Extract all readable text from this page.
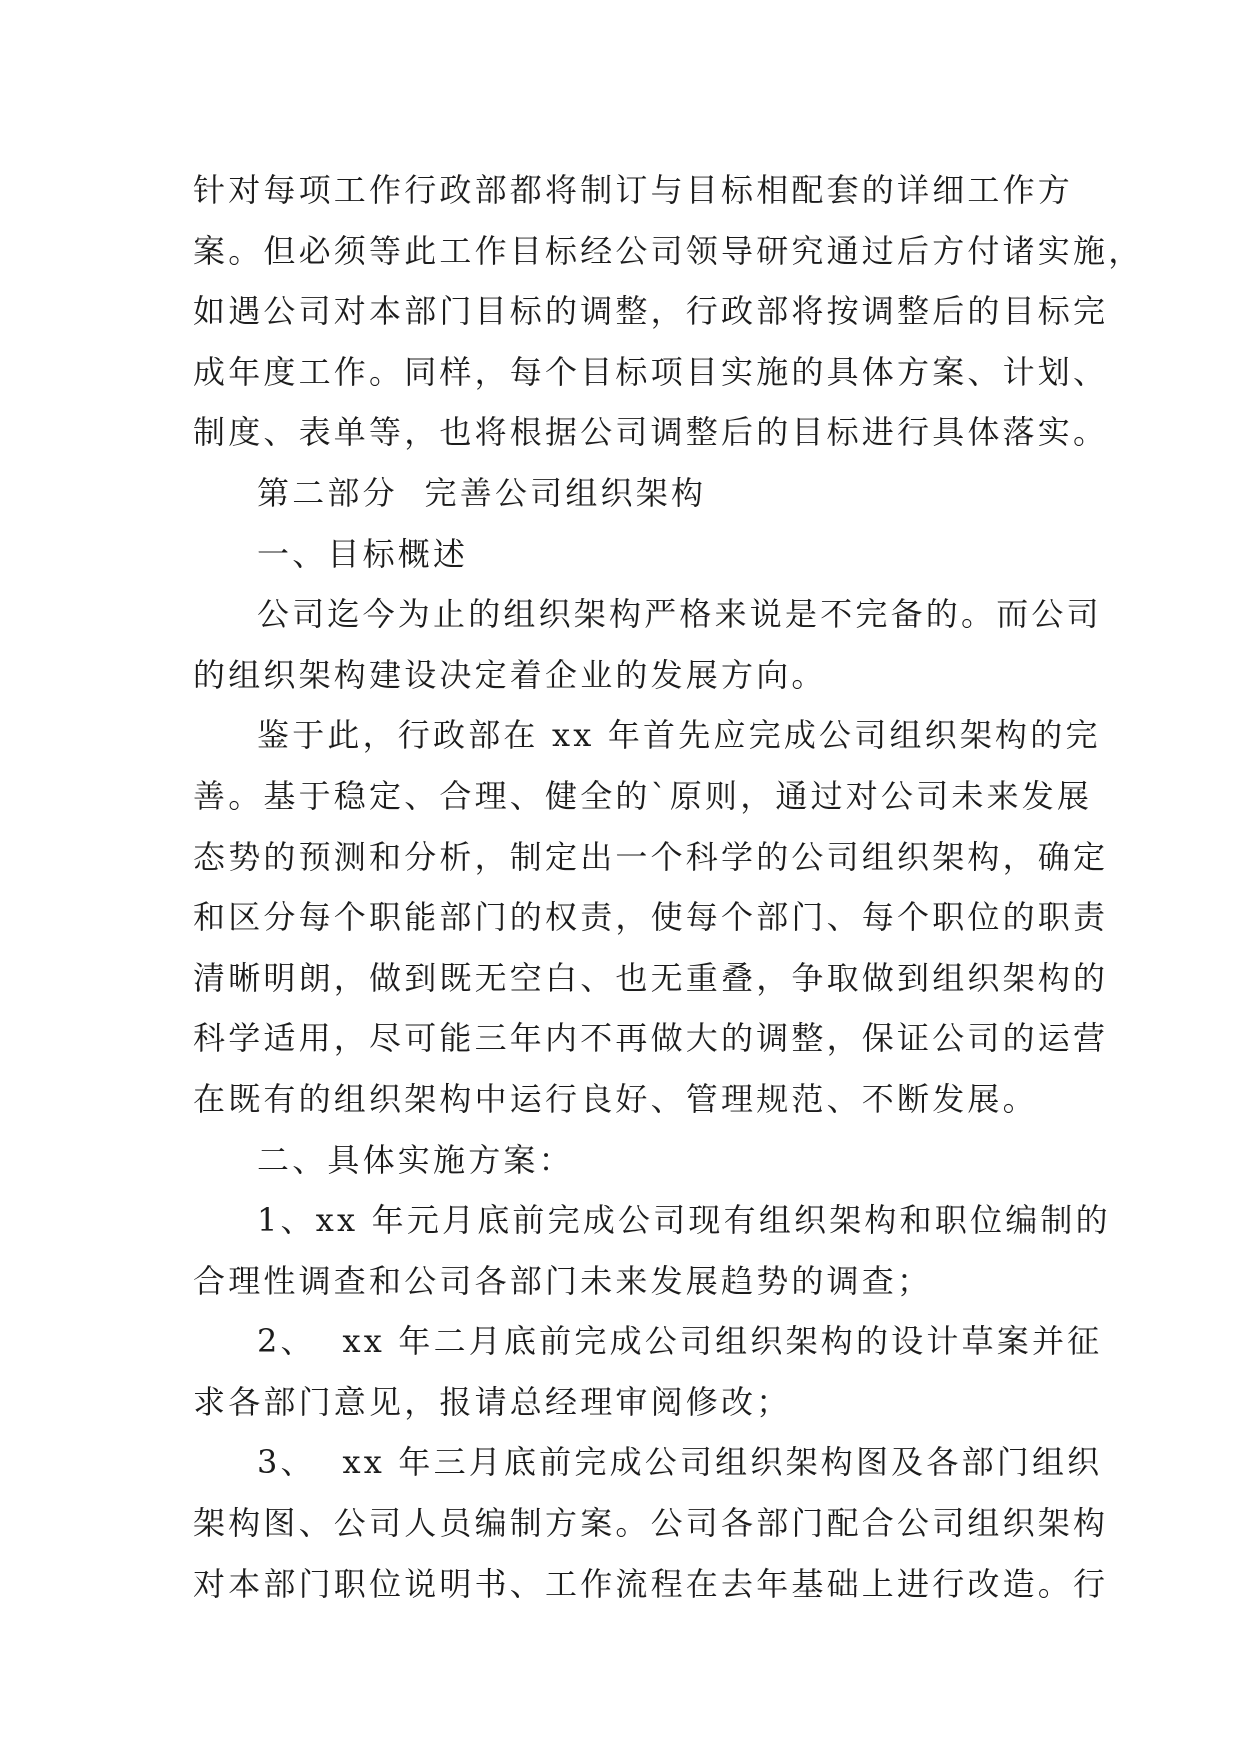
针对每项工作行政部都将制订与目标相配套的详细工作方
案。但必须等此工作目标经公司领导研究通过后方付诸实施，
如遇公司对本部门目标的调整，行政部将按调整后的目标完
成年度工作。同样，每个目标项目实施的具体方案、计划、
制度、表单等，也将根据公司调整后的目标进行具体落实。
第二部分  完善公司组织架构
一、目标概述
公司迄今为止的组织架构严格来说是不完备的。而公司
的组织架构建设决定着企业的发展方向。
鉴于此，行政部在 xx 年首先应完成公司组织架构的完
善。基于稳定、合理、健全的`原则，通过对公司未来发展
态势的预测和分析，制定出一个科学的公司组织架构，确定
和区分每个职能部门的权责，使每个部门、每个职位的职责
清晰明朗，做到既无空白、也无重叠，争取做到组织架构的
科学适用，尽可能三年内不再做大的调整，保证公司的运营
在既有的组织架构中运行良好、管理规范、不断发展。
二、具体实施方案：
1、xx 年元月底前完成公司现有组织架构和职位编制的
合理性调查和公司各部门未来发展趋势的调查；
2、  xx 年二月底前完成公司组织架构的设计草案并征
求各部门意见，报请总经理审阅修改；
3、  xx 年三月底前完成公司组织架构图及各部门组织
架构图、公司人员编制方案。公司各部门配合公司组织架构
对本部门职位说明书、工作流程在去年基础上进行改造。行
